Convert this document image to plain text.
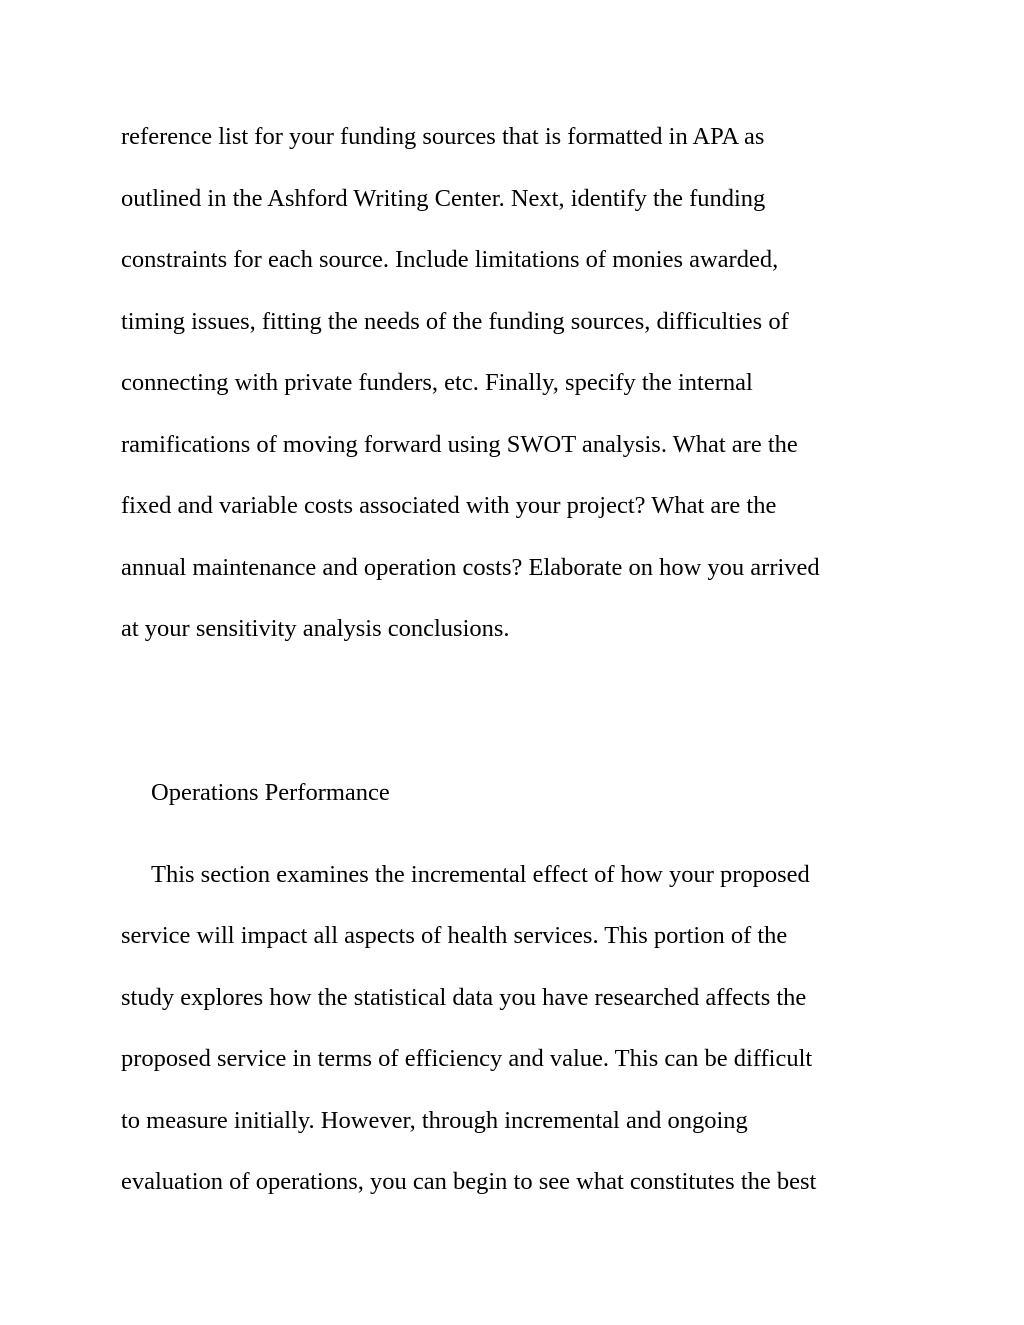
reference list for your funding sources that is formatted in APA as

outlined in the Ashford Writing Center. Next, identify the funding

constraints for each source. Include limitations of monies awarded,

timing issues, fitting the needs of the funding sources, difficulties of

connecting with private funders, etc. Finally, specify the internal

ramifications of moving forward using SWOT analysis. What are the

fixed and variable costs associated with your project? What are the

annual maintenance and operation costs? Elaborate on how you arrived

at your sensitivity analysis conclusions.

Operations Performance

This section examines the incremental effect of how your proposed

service will impact all aspects of health services. This portion of the

study explores how the statistical data you have researched affects the

proposed service in terms of efficiency and value. This can be difficult

to measure initially. However, through incremental and ongoing

evaluation of operations, you can begin to see what constitutes the best
